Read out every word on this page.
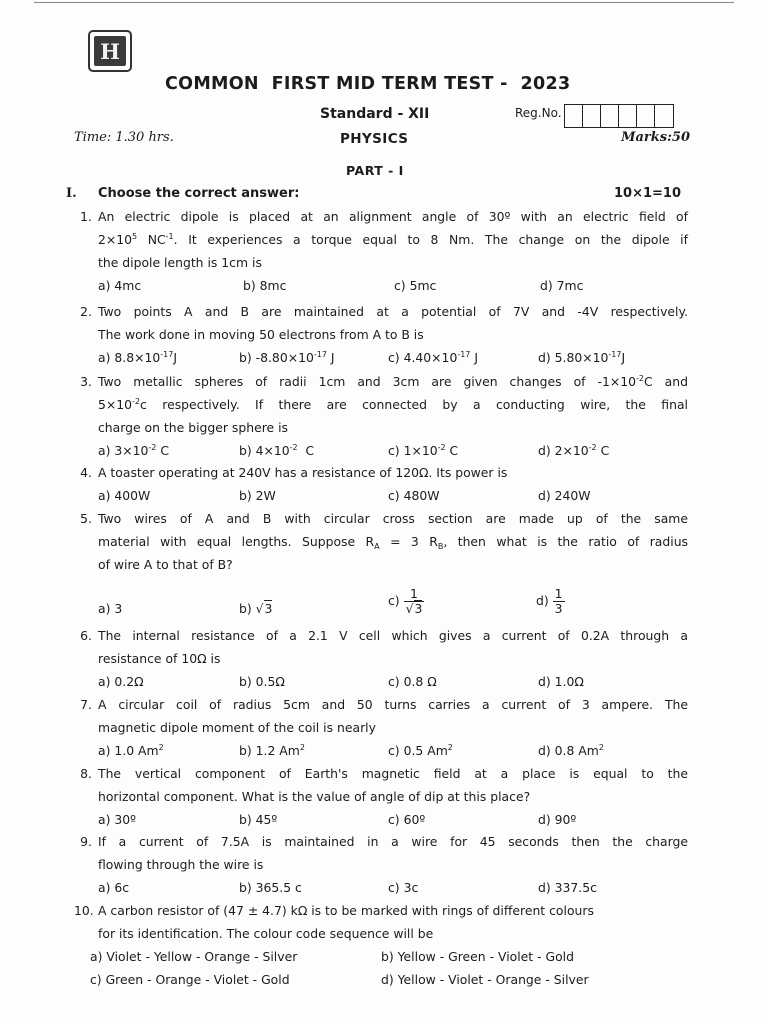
H
COMMON  FIRST MID TERM TEST -  2023
Standard - XII	Reg.No.
Time: 1.30 hrs.	PHYSICS	Marks:50
PART - I
I. Choose the correct answer:	10×1=10
1. An electric dipole is placed at an alignment angle of 30º with an electric field of
$2\times 10^5$ $NC^{-1}$. It experiences a torque equal to 8 Nm. The change on the dipole if
the dipole length is 1cm is
a) 4mc	b) 8mc	c) 5mc	d) 7mc
2. Two points A and B are maintained at a potential of 7V and -4V respectively.
The work done in moving 50 electrons from A to B is
a) $8.8\times 10^{-17}J$	b) $-8.80\times 10^{-17}$ J	c) $4.40\times 10^{-17}$ J	d) $5.80\times 10^{-17}J$
3. Two metallic spheres of radii 1cm and 3cm are given changes of $-1\times 10^{-2}C$ and
$5\times 10^{-2}c$ respectively. If there are connected by a conducting wire, the final
charge on the bigger sphere is
a) $3\times 10^{-2}$ C	b) $4\times 10^{-2}$  C	c) $1\times 10^{-2}$ C	d) $2\times 10^{-2}$ C
4. A toaster operating at 240V has a resistance of 120Ω. Its power is
a) 400W	b) 2W	c) 480W	d) 240W
5. Two wires of A and B with circular cross section are made up of the same
material with equal lengths. Suppose $R_A = 3$ $R_B$, then what is the ratio of radius
of wire A to that of B?
a) 3	b) √3
$c) \frac{1}{√3}$	$d) \frac{1}{3}$
6. The internal resistance of a 2.1 V cell which gives a current of 0.2A through a
resistance of 10Ω is
a) 0.2Ω	b) 0.5Ω	c) 0.8 Ω	d) 1.0Ω
7. A circular coil of radius 5cm and 50 turns carries a current of 3 ampere. The
magnetic dipole moment of the coil is nearly
a) 1.0 Am$^2$	b) 1.2 Am$^2$	c) 0.5 Am$^2$	d) 0.8 Am$^2$
8. The vertical component of Earth's magnetic field at a place is equal to the
horizontal component. What is the value of angle of dip at this place?
a) 30º	b) 45º	c) 60º	d) 90º
9. If a current of 7.5A is maintained in a wire for 45 seconds then the charge
flowing through the wire is
a) 6c	b) 365.5 c	c) 3c	d) 337.5c
10. A carbon resistor of (47 ± 4.7) kΩ is to be marked with rings of different colours
for its identification. The colour code sequence will be
a) Violet - Yellow - Orange - Silver	b) Yellow - Green - Violet - Gold
c) Green - Orange - Violet - Gold	d) Yellow - Violet - Orange - Silver
